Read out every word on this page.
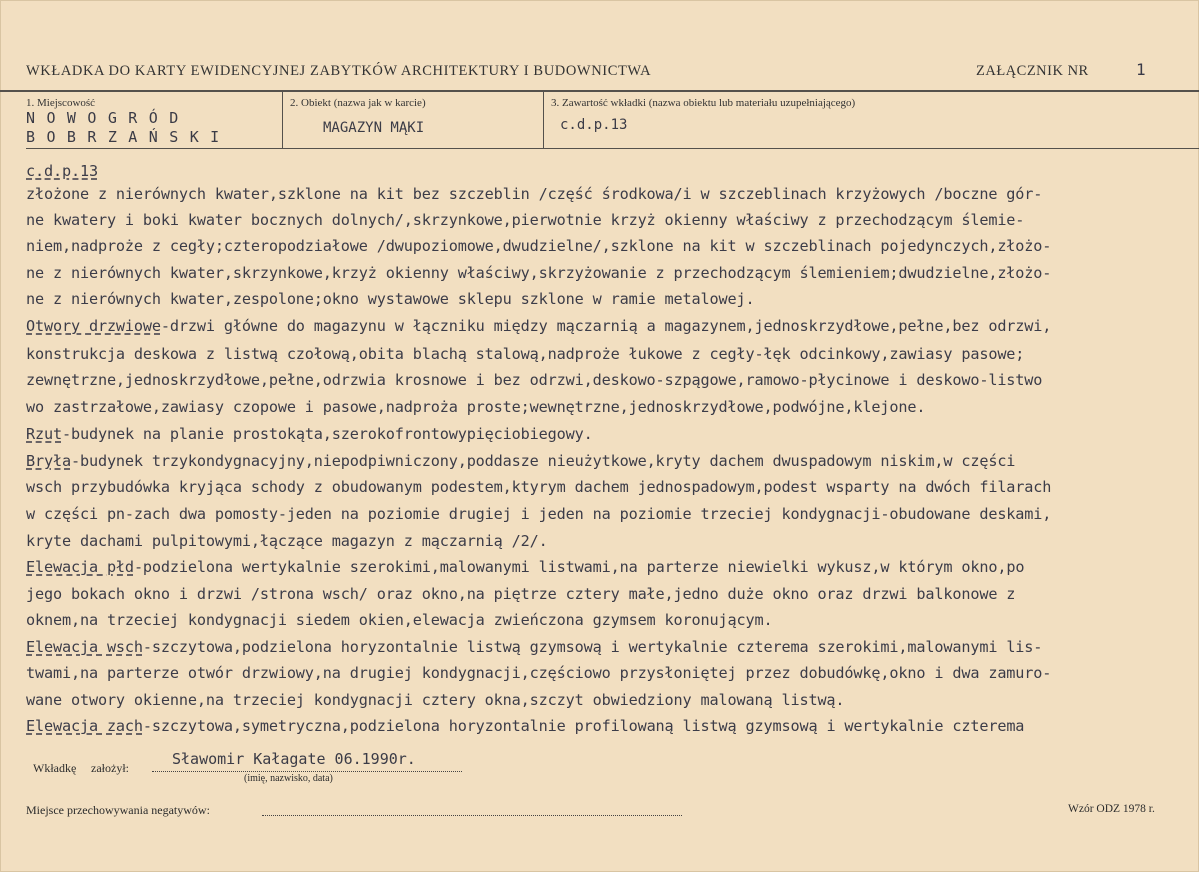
WKŁADKA DO KARTY EWIDENCYJNEJ ZABYTKÓW ARCHITEKTURY I BUDOWNICTWA	ZAŁĄCZNIK NR	1
1. Miejscowość
N O W O G R Ó D
B O B R Z A Ń S K I
2. Obiekt (nazwa jak w karcie)
MAGAZYN MĄKI
3. Zawartość wkładki (nazwa obiektu lub materiału uzupełniającego)
c.d.p.13
c.d.p.13
złożone z nierównych kwater,szklone na kit bez szczeblin /część środkowa/i w szczeblinach krzyżowych /boczne gór-
ne kwatery i boki kwater bocznych dolnych/,skrzynkowe,pierwotnie krzyż okienny właściwy z przechodzącym ślemie-
niem,nadproże z cegły;czteropodziałowe /dwupoziomowe,dwudzielne/,szklone na kit w szczeblinach pojedynczych,złożo-
ne z nierównych kwater,skrzynkowe,krzyż okienny właściwy,skrzyżowanie z przechodzącym ślemieniem;dwudzielne,złożo-
ne z nierównych kwater,zespolone;okno wystawowe sklepu szklone w ramie metalowej.
Otwory drzwiowe-drzwi główne do magazynu w łączniku między mączarnią a magazynem,jednoskrzydłowe,pełne,bez odrzwi,
konstrukcja deskowa z listwą czołową,obita blachą stalową,nadproże łukowe z cegły-łęk odcinkowy,zawiasy pasowe;
zewnętrzne,jednoskrzydłowe,pełne,odrzwia krosnowe i bez odrzwi,deskowo-szpągowe,ramowo-płycinowe i deskowo-listwo
wo zastrzałowe,zawiasy czopowe i pasowe,nadproża proste;wewnętrzne,jednoskrzydłowe,podwójne,klejone.
Rzut-budynek na planie prostokąta,szerokofrontowypięciobiegowy.
Bryła-budynek trzykondygnacyjny,niepodpiwniczony,poddasze nieużytkowe,kryty dachem dwuspadowym niskim,w części
wsch przybudówka kryjąca schody z obudowanym podestem,ktyrym dachem jednospadowym,podest wsparty na dwóch filarach
w części pn-zach dwa pomosty-jeden na poziomie drugiej i jeden na poziomie trzeciej kondygnacji-obudowane deskami,
kryte dachami pulpitowymi,łączące magazyn z mączarnią /2/.
Elewacja płd-podzielona wertykalnie szerokimi,malowanymi listwami,na parterze niewielki wykusz,w którym okno,po
jego bokach okno i drzwi /strona wsch/ oraz okno,na piętrze cztery małe,jedno duże okno oraz drzwi balkonowe z
oknem,na trzeciej kondygnacji siedem okien,elewacja zwieńczona gzymsem koronującym.
Elewacja wsch-szczytowa,podzielona horyzontalnie listwą gzymsową i wertykalnie czterema szerokimi,malowanymi lis-
twami,na parterze otwór drzwiowy,na drugiej kondygnacji,częściowo przysłoniętej przez dobudówkę,okno i dwa zamuro-
wane otwory okienne,na trzeciej kondygnacji cztery okna,szczyt obwiedziony malowaną listwą.
Elewacja zach-szczytowa,symetryczna,podzielona horyzontalnie profilowaną listwą gzymsową i wertykalnie czterema
Wkładkę założył:	Sławomir Kałagate 06.1990r.
(imię, nazwisko, data)
Miejsce przechowywania negatywów:	Wzór ODZ 1978 r.
